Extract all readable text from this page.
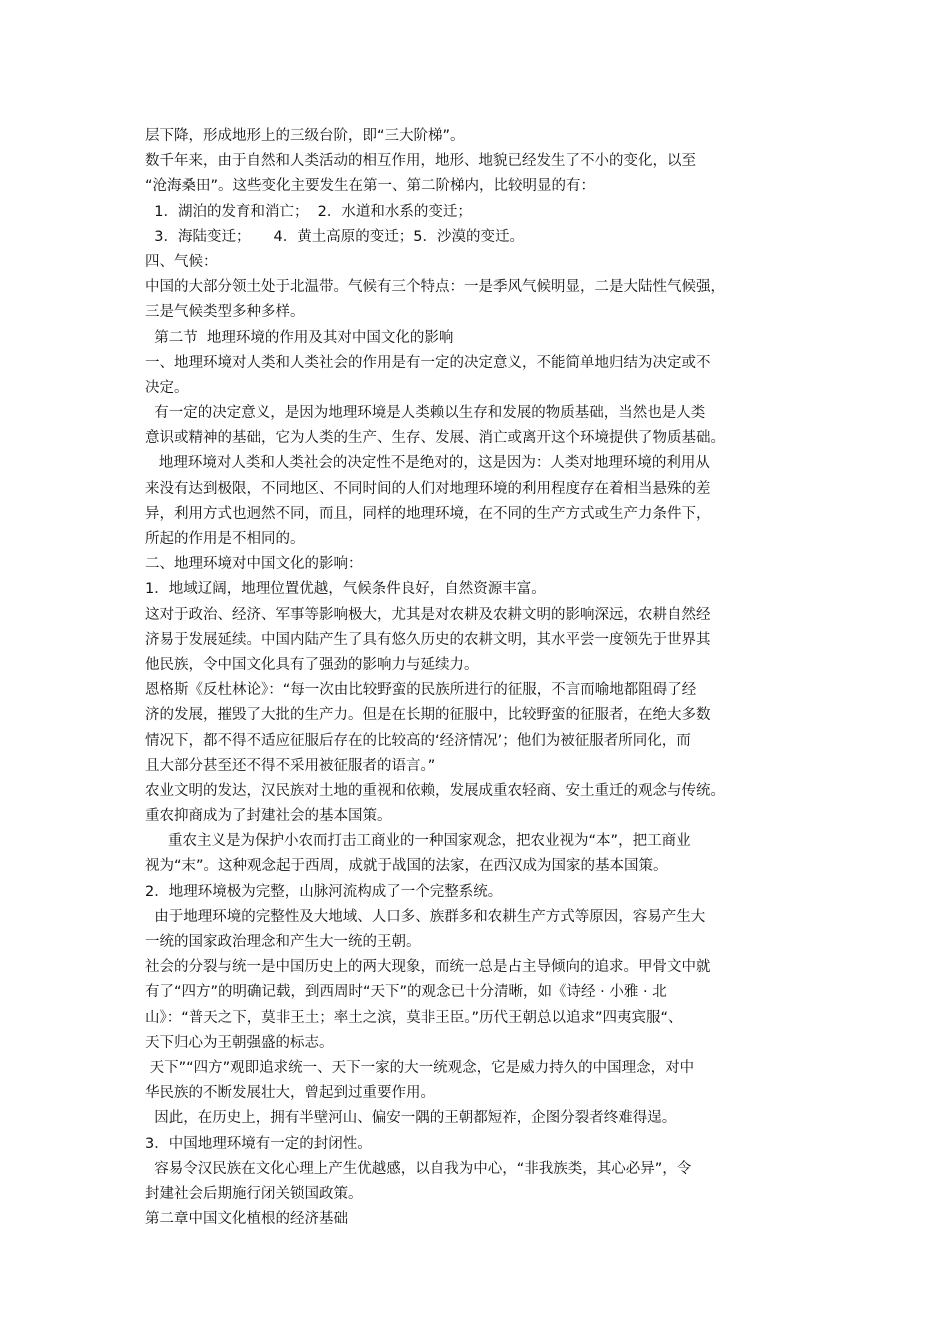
层下降，形成地形上的三级台阶，即“三大阶梯”。
数千年来，由于自然和人类活动的相互作用，地形、地貌已经发生了不小的变化，以至
“沧海桑田”。这些变化主要发生在第一、第二阶梯内，比较明显的有：
1．湖泊的发育和消亡；  2．水道和水系的变迁；
3．海陆变迁；     4．黄土高原的变迁；5．沙漠的变迁。
四、气候：
中国的大部分领土处于北温带。气候有三个特点：一是季风气候明显，二是大陆性气候强，
三是气候类型多种多样。
第二节  地理环境的作用及其对中国文化的影响
一、地理环境对人类和人类社会的作用是有一定的决定意义，不能简单地归结为决定或不
决定。
有一定的决定意义，是因为地理环境是人类赖以生存和发展的物质基础，当然也是人类
意识或精神的基础，它为人类的生产、生存、发展、消亡或离开这个环境提供了物质基础。
地理环境对人类和人类社会的决定性不是绝对的，这是因为：人类对地理环境的利用从
来没有达到极限，不同地区、不同时间的人们对地理环境的利用程度存在着相当悬殊的差
异，利用方式也迥然不同，而且，同样的地理环境，在不同的生产方式或生产力条件下，
所起的作用是不相同的。
二、地理环境对中国文化的影响：
1．地域辽阔，地理位置优越，气候条件良好，自然资源丰富。
这对于政治、经济、军事等影响极大，尤其是对农耕及农耕文明的影响深远，农耕自然经
济易于发展延续。中国内陆产生了具有悠久历史的农耕文明，其水平尝一度领先于世界其
他民族，令中国文化具有了强劲的影响力与延续力。
恩格斯《反杜林论》：“每一次由比较野蛮的民族所进行的征服，不言而喻地都阻碍了经
济的发展，摧毁了大批的生产力。但是在长期的征服中，比较野蛮的征服者，在绝大多数
情况下，都不得不适应征服后存在的比较高的‘经济情况’；他们为被征服者所同化，而
且大部分甚至还不得不采用被征服者的语言。”
农业文明的发达，汉民族对土地的重视和依赖，发展成重农轻商、安土重迁的观念与传统。
重农抑商成为了封建社会的基本国策。
重农主义是为保护小农而打击工商业的一种国家观念，把农业视为“本”，把工商业
视为“末”。这种观念起于西周，成就于战国的法家，在西汉成为国家的基本国策。
2．地理环境极为完整，山脉河流构成了一个完整系统。
由于地理环境的完整性及大地域、人口多、族群多和农耕生产方式等原因，容易产生大
一统的国家政治理念和产生大一统的王朝。
社会的分裂与统一是中国历史上的两大现象，而统一总是占主导倾向的追求。甲骨文中就
有了“四方”的明确记载，到西周时“天下”的观念已十分清晰，如《诗经 · 小雅 · 北
山》：“普天之下，莫非王土；率土之滨，莫非王臣。”历代王朝总以追求”四夷宾服“、
天下归心为王朝强盛的标志。
天下”“四方”观即追求统一、天下一家的大一统观念，它是威力持久的中国理念，对中
华民族的不断发展壮大，曾起到过重要作用。
因此，在历史上，拥有半壁河山、偏安一隅的王朝都短祚，企图分裂者终难得逞。
3．中国地理环境有一定的封闭性。
容易令汉民族在文化心理上产生优越感，以自我为中心，“非我族类，其心必异”，令
封建社会后期施行闭关锁国政策。
第二章中国文化植根的经济基础
